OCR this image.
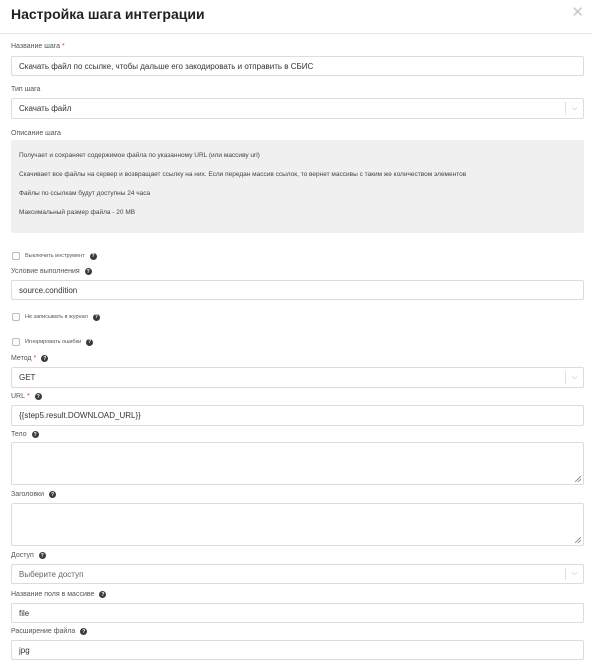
Настройка шага интеграции	✕
Название шага *
Скачать файл по ссылке, чтобы дальше его закодировать и отправить в СБИС
Тип шага
Скачать файл	⌵
Описание шага
Получает и сохраняет содержимое файла по указанному URL (или массиву url)
Скачивает все файлы на сервер и возвращает ссылку на них. Если передан массив ссылок, то вернет массивы с таким же количеством элементов
Файлы по ссылкам будут доступны 24 часа
Максимальный размер файла - 20 MB
Выключить инструмент	?
Условие выполнения	?
source.condition
Не записывать в журнал	?
Игнорировать ошибки	?
Метод *	?
GET	⌵
URL *	?
{{step5.result.DOWNLOAD_URL}}
Тело	?
Заголовки	?
Доступ	?
Выберите доступ	⌵
Название поля в массиве	?
file
Расширение файла	?
jpg
